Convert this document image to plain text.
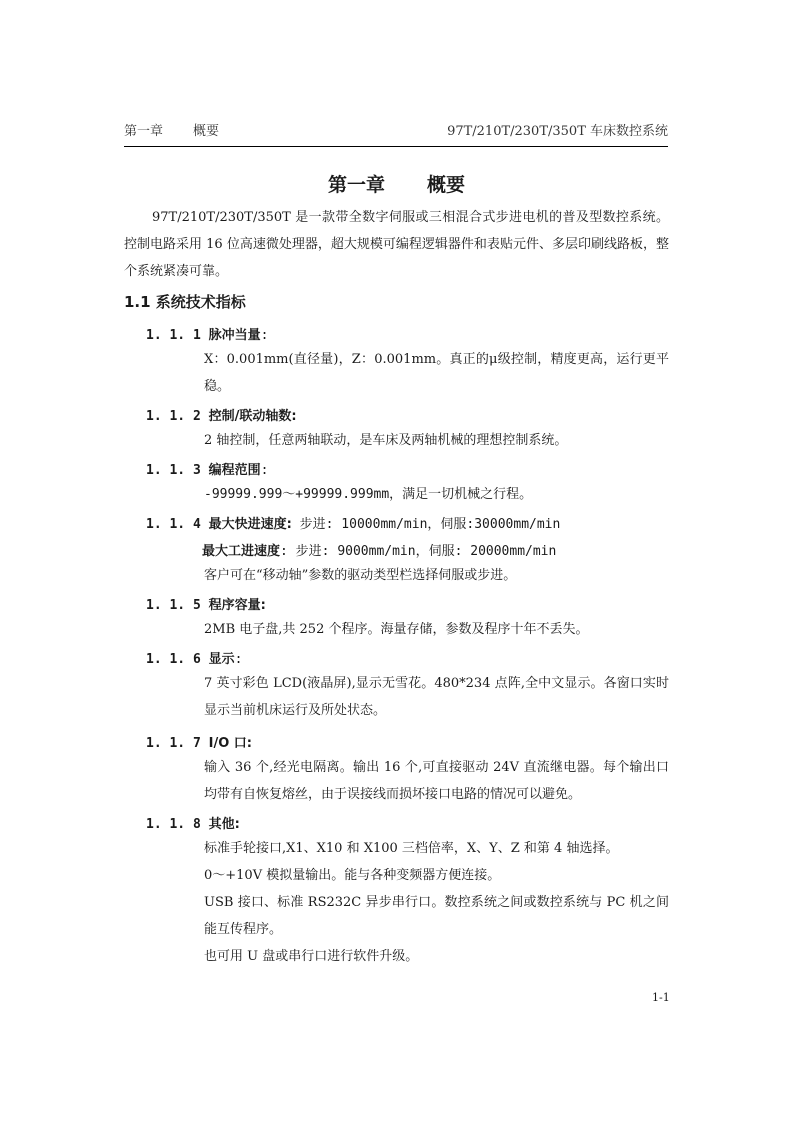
第一章 概要	97T/210T/230T/350T 车床数控系统
第一章 概要
97T/210T/230T/350T 是一款带全数字伺服或三相混合式步进电机的普及型数控系统。控制电路采用 16 位高速微处理器，超大规模可编程逻辑器件和表贴元件、多层印刷线路板，整个系统紧凑可靠。
1.1 系统技术指标
1. 1. 1 脉冲当量:
X：0.001mm(直径量)，Z：0.001mm。真正的μ级控制，精度更高，运行更平稳。
1. 1. 2 控制/联动轴数:
2 轴控制，任意两轴联动，是车床及两轴机械的理想控制系统。
1. 1. 3 编程范围:
-99999.999～+99999.999mm，满足一切机械之行程。
1. 1. 4 最大快进速度: 步进: 10000mm/min，伺服:30000mm/min
最大工进速度: 步进: 9000mm/min，伺服: 20000mm/min
客户可在“移动轴”参数的驱动类型栏选择伺服或步进。
1. 1. 5 程序容量:
2MB 电子盘,共 252 个程序。海量存储，参数及程序十年不丢失。
1. 1. 6 显示:
7 英寸彩色 LCD(液晶屏),显示无雪花。480*234 点阵,全中文显示。各窗口实时显示当前机床运行及所处状态。
1. 1. 7 I/O 口:
输入 36 个,经光电隔离。输出 16 个,可直接驱动 24V 直流继电器。每个输出口均带有自恢复熔丝，由于误接线而损坏接口电路的情况可以避免。
1. 1. 8 其他:
标准手轮接口,X1、X10 和 X100 三档倍率，X、Y、Z 和第 4 轴选择。
0～+10V 模拟量输出。能与各种变频器方便连接。
USB 接口、标准 RS232C 异步串行口。数控系统之间或数控系统与 PC 机之间能互传程序。
也可用 U 盘或串行口进行软件升级。
1-1
